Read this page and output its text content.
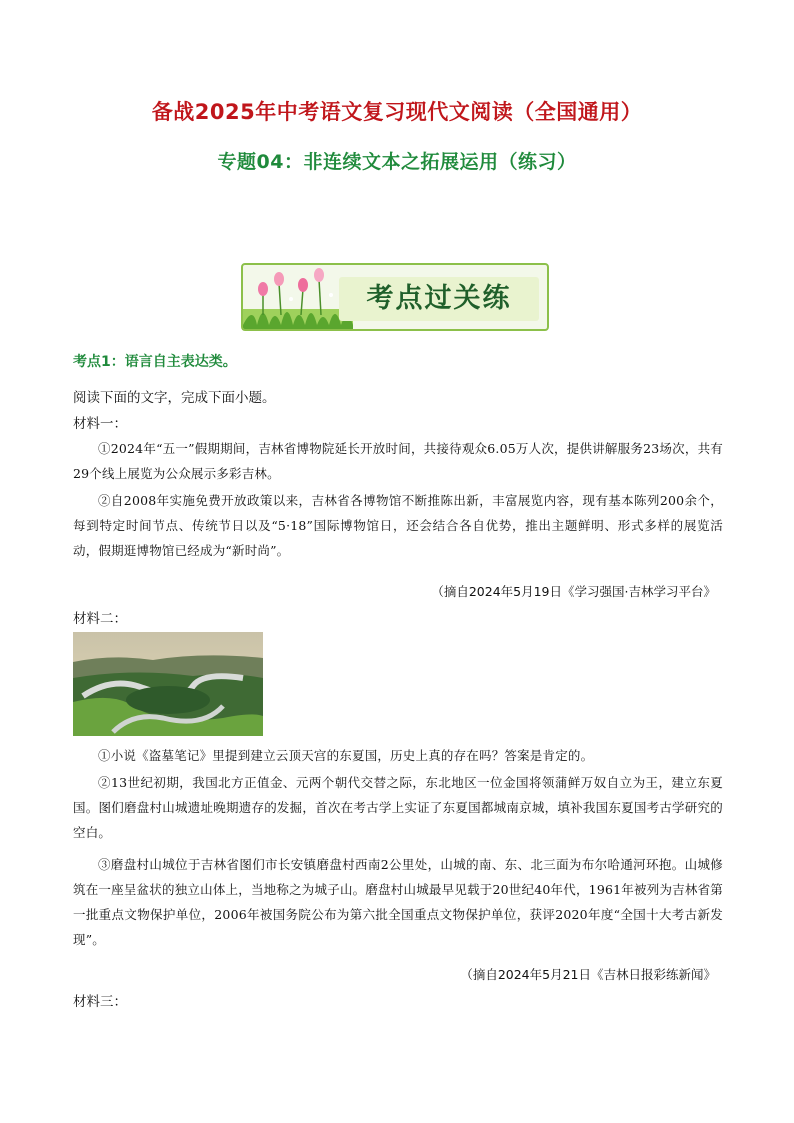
备战2025年中考语文复习现代文阅读（全国通用）
专题04：非连续文本之拓展运用（练习）
考点过关练
考点1：语言自主表达类。
阅读下面的文字，完成下面小题。
材料一：
①2024年“五一”假期期间，吉林省博物院延长开放时间，共接待观众6.05万人次，提供讲解服务23场次，共有29个线上展览为公众展示多彩吉林。
②自2008年实施免费开放政策以来，吉林省各博物馆不断推陈出新，丰富展览内容，现有基本陈列200余个，每到特定时间节点、传统节日以及“5·18”国际博物馆日，还会结合各自优势，推出主题鲜明、形式多样的展览活动，假期逛博物馆已经成为“新时尚”。
（摘自2024年5月19日《学习强国·吉林学习平台》
材料二：
①小说《盗墓笔记》里提到建立云顶天宫的东夏国，历史上真的存在吗？答案是肯定的。
②13世纪初期，我国北方正值金、元两个朝代交替之际，东北地区一位金国将领蒲鲜万奴自立为王，建立东夏国。图们磨盘村山城遗址晚期遗存的发掘，首次在考古学上实证了东夏国都城南京城，填补我国东夏国考古学研究的空白。
③磨盘村山城位于吉林省图们市长安镇磨盘村西南2公里处，山城的南、东、北三面为布尔哈通河环抱。山城修筑在一座呈盆状的独立山体上，当地称之为城子山。磨盘村山城最早见载于20世纪40年代，1961年被列为吉林省第一批重点文物保护单位，2006年被国务院公布为第六批全国重点文物保护单位，获评2020年度“全国十大考古新发现”。
（摘自2024年5月21日《吉林日报彩练新闻》
材料三：
